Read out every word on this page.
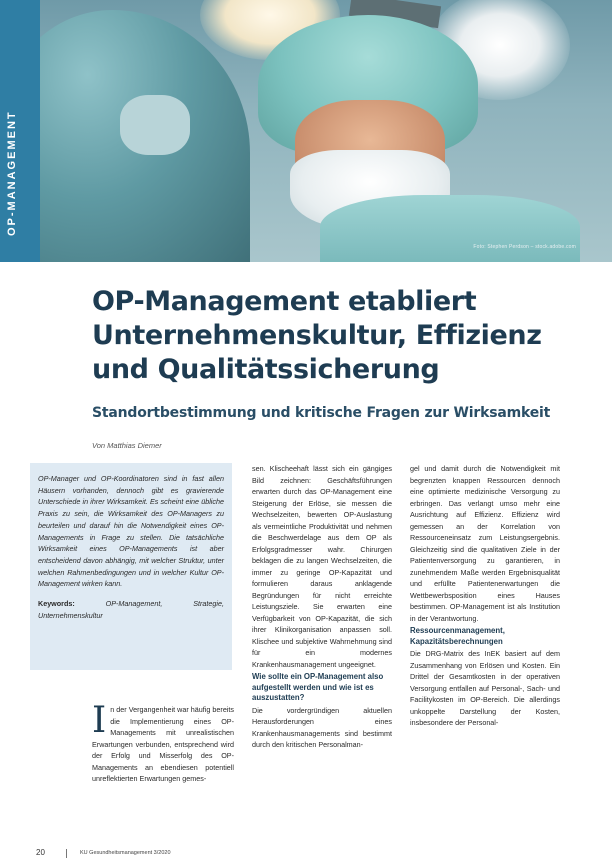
Foto: Stephen Perdson – stock.adobe.com
OP-MANAGEMENT
OP-Management etabliert
Unternehmenskultur, Effizienz
und Qualitätssicherung
Standortbestimmung und kritische Fragen zur Wirksamkeit
Von Matthias Diemer

OP-Manager und OP-Koordinatoren sind in fast allen Häusern vorhanden, dennoch gibt es gravierende Unterschiede in ihrer Wirksamkeit. Es scheint eine übliche Praxis zu sein, die Wirksamkeit des OP-Managers zu beurteilen und darauf hin die Notwendigkeit eines OP-Managements in Frage zu stellen. Die tatsächliche Wirksamkeit eines OP-Managements ist aber entscheidend davon abhängig, mit welcher Struktur, unter welchen Rahmenbedingungen und in welcher Kultur OP-Management wirken kann.

Keywords: OP-Management, Strategie, Unternehmenskultur

I n der Vergangenheit war häufig bereits die Implementierung eines OP-Managements mit unrealistischen Erwartungen verbunden, entsprechend wird der Erfolg und Misserfolg des OP-Managements an ebendiesen potentiell unreflektierten Erwartungen gemes-

sen. Klischeehaft lässt sich ein gängiges Bild zeichnen: Geschäftsführungen erwarten durch das OP-Management eine Steigerung der Erlöse, sie messen die Wechselzeiten, bewerten OP-Auslastung als vermeintliche Produktivität und nehmen die Beschwerdelage aus dem OP als Erfolgsgradmesser wahr. Chirurgen beklagen die zu langen Wechselzeiten, die immer zu geringe OP-Kapazität und formulieren daraus anklagende Begründungen für nicht erreichte Leistungsziele. Sie erwarten eine Verfügbarkeit von OP-Kapazität, die sich ihrer Klinikorganisation anpassen soll. Klischee und subjektive Wahrnehmung sind für ein modernes Krankenhausmanagement ungeeignet.

Wie sollte ein OP-Management also aufgestellt werden und wie ist es auszustatten?

Die vordergründigen aktuellen Herausforderungen eines Krankenhausmanagements sind bestimmt durch den kritischen Personalman-

gel und damit durch die Notwendigkeit mit begrenzten knappen Ressourcen dennoch eine optimierte medizinische Versorgung zu erbringen. Das verlangt umso mehr eine Ausrichtung auf Effizienz. Effizienz wird gemessen an der Korrelation von Ressourceneinsatz zum Leistungsergebnis. Gleichzeitig sind die qualitativen Ziele in der Patientenversorgung zu garantieren, in zunehmendem Maße werden Ergebnisqualität und erfüllte Patientenerwartungen die Wettbewerbsposition eines Hauses bestimmen. OP-Management ist als Institution in der Verantwortung.

Ressourcenmanagement, Kapazitätsberechnungen

Die DRG-Matrix des InEK basiert auf dem Zusammenhang von Erlösen und Kosten. Ein Drittel der Gesamtkosten in der operativen Versorgung entfallen auf Personal-, Sach- und Facilitykosten im OP-Bereich. Die allerdings unkoppelte Darstellung der Kosten, insbesondere der Personal-

20	KU Gesundheitsmanagement 3/2020
